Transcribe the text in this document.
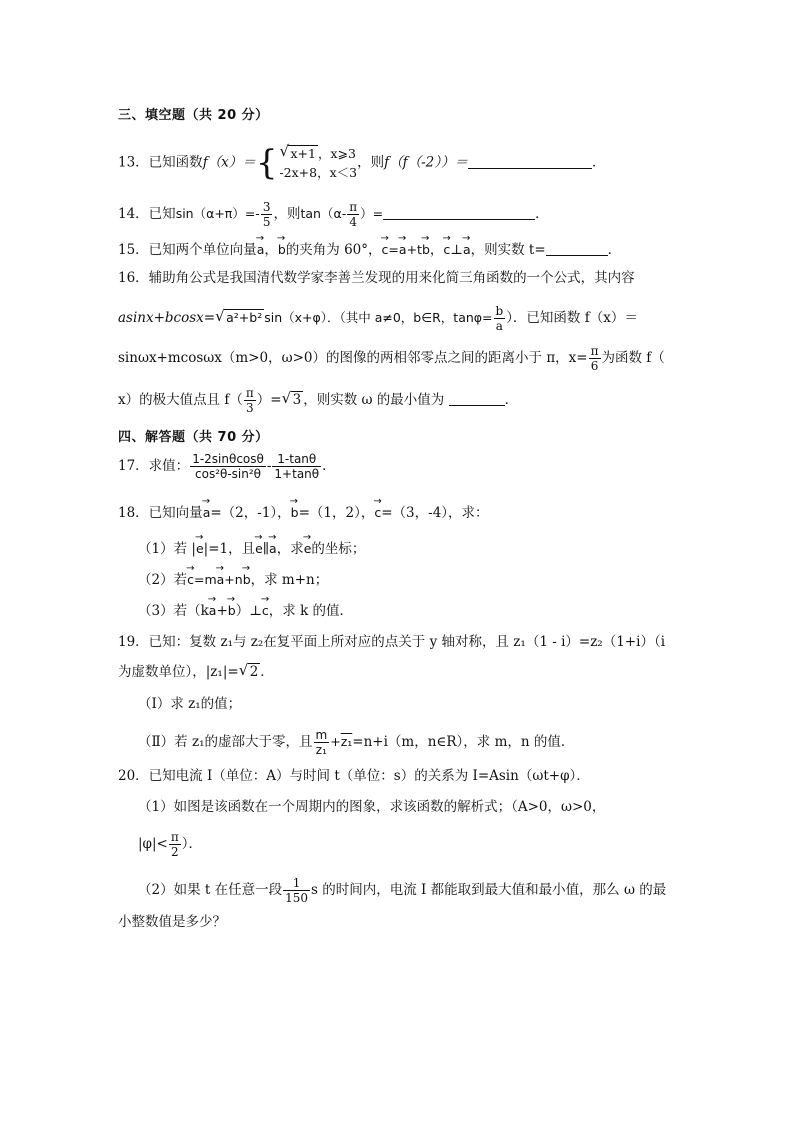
三、填空题（共 20 分）
13．已知函数f（x）＝{ √ x+1 ，x⩾3
-2x+8，x＜3，则f（f（-2））＝	．
14．已知$\sin(\alpha+\pi)=- \frac{3}{5}$ ，则$\tan(\alpha- \frac{\pi}{4}$ ）=	．
15．已知两个单位向量→ a，→ b的夹角为 60°，→ c=→ a+t→ b，→ c⊥→ a，则实数 t=	．
16．辅助角公式是我国清代数学家李善兰发现的用来化简三角函数的一个公式，其内容
asinx+bcosx= √ a²+b² sin（x+φ）．（其中 a≠0，b∈R，$\tan\varphi= \frac{b}{a}$ ）．已知函数 f（x）＝
sinωx+mcosωx（m>0，ω>0）的图像的两相邻零点之间的距离小于 π，$x= \frac{\pi}{6}$ 为函数 f（
x）的极大值点且 $f( \frac{\pi}{3}$ ）= √ 3 ，则实数 ω 的最小值为	．
四、解答题（共 70 分）
17．求值： $\frac{1-2\sin\theta\cos\theta}{\text{cos²θ-sin²θ}} - \frac{1-\tan\theta}{1+\tan\theta}$ ．
18．已知向量→ a=（2，-1），→ b=（1，2），→ c=（3，-4），求：
（1）若 |→ e|=1，且→ e∥→ a，求→ e的坐标；
（2）若→ c=m→ a+n→ b，求 m+n；
（3）若（k→ a+→ b）⊥→ c，求 k 的值．
19．已知：复数 z₁与 z₂在复平面上所对应的点关于 y 轴对称，且 z₁（1 - i）=z₂（1+i）（i
为虚数单位），|z₁|= √ 2 ．
（Ⅰ）求 z₁的值；
（Ⅱ）若 z₁的虚部大于零，且 $\frac{m}{\text{z₁}} +z_1=n+i(m$，n∈R），求 m，n 的值．
20．已知电流 I（单位：A）与时间 t（单位：s）的关系为 I=Asin（ωt+φ）．
（1）如图是该函数在一个周期内的图象，求该函数的解析式；（A>0，ω>0，
$|\varphi|< \frac{\pi}{2}$ ）．
（2）如果 t 在任意一段 $\frac{1}{150}$ s 的时间内，电流 I 都能取到最大值和最小值，那么 ω 的最
小整数值是多少？
